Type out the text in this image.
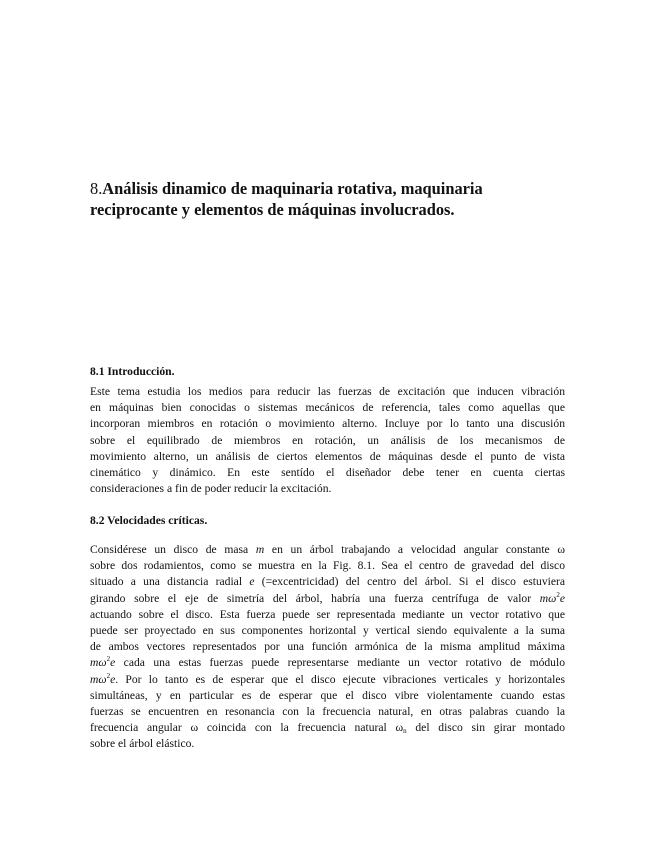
8.Análisis dinamico de maquinaria rotativa, maquinaria reciprocante y elementos de máquinas involucrados.
8.1 Introducción.

Este tema estudia los medios para reducir las fuerzas de excitación que inducen vibración
en máquinas bien conocidas o sistemas mecánicos de referencia, tales como aquellas que
incorporan miembros en rotación o movimiento alterno. Incluye por lo tanto una discusión
sobre el equilibrado de miembros en rotación, un análisis de los mecanismos de
movimiento alterno, un análisis de ciertos elementos de máquinas desde el punto de vista
cinemático y dinámico. En este sentído el diseñador debe tener en cuenta ciertas
consideraciones a fin de poder reducir la excitación.

8.2 Velocidades críticas.

Considérese un disco de masa m en un árbol trabajando a velocidad angular constante ω
sobre dos rodamientos, como se muestra en la Fig. 8.1. Sea el centro de gravedad del disco
situado a una distancia radial e (=excentricidad) del centro del árbol. Si el disco estuviera
girando sobre el eje de simetría del árbol, habría una fuerza centrífuga de valor $m\omega^2e$
actuando sobre el disco. Esta fuerza puede ser representada mediante un vector rotativo que
puede ser proyectado en sus componentes horizontal y vertical siendo equivalente a la suma
de ambos vectores representados por una función armónica de la misma amplitud máxima
$m\omega^2e$ cada una estas fuerzas puede representarse mediante un vector rotativo de módulo
$m\omega^2e$. Por lo tanto es de esperar que el disco ejecute vibraciones verticales y horizontales
simultáneas, y en particular es de esperar que el disco vibre violentamente cuando estas
fuerzas se encuentren en resonancia con la frecuencia natural, en otras palabras cuando la
frecuencia angular ω coincida con la frecuencia natural $\omega_n$ del disco sin girar montado
sobre el árbol elástico.
